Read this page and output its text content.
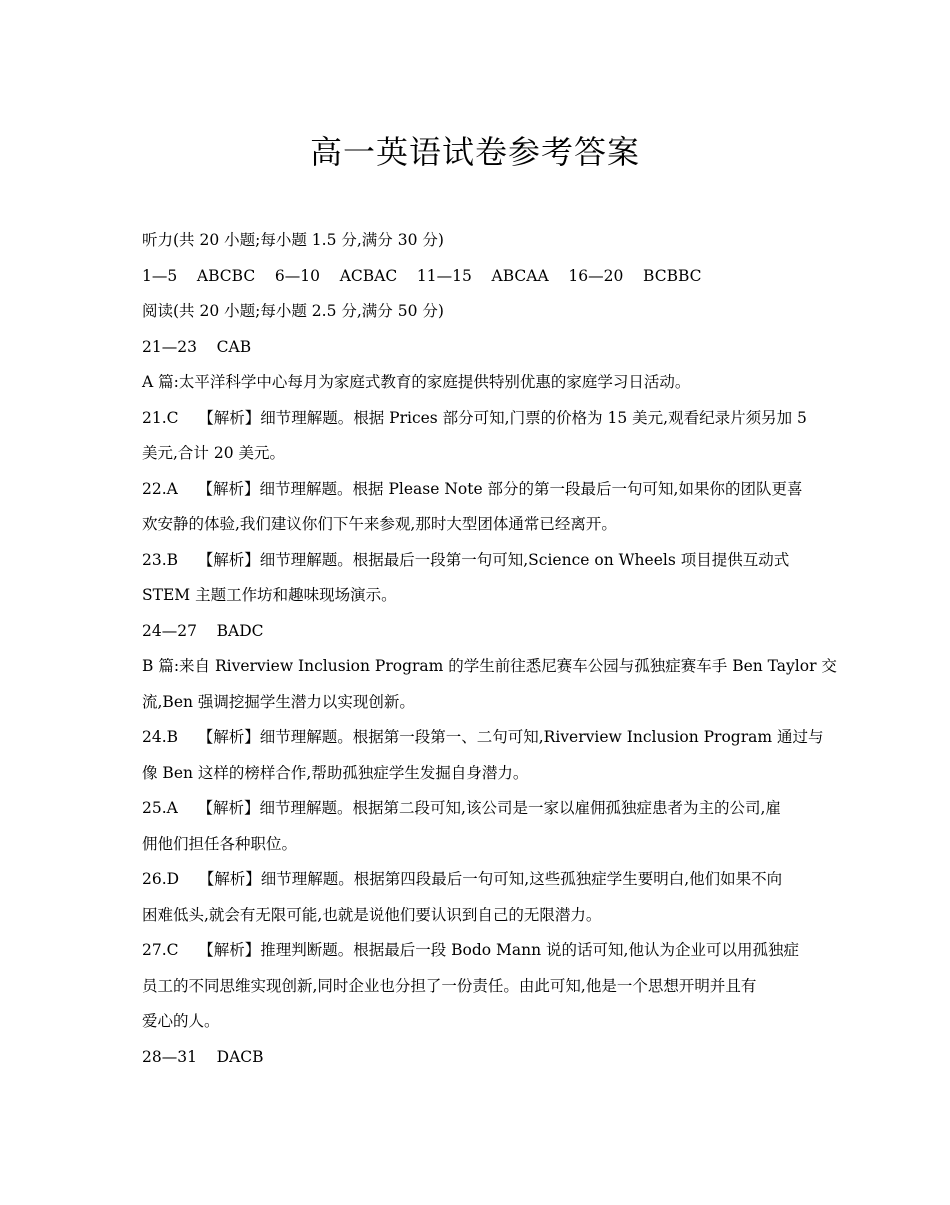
高一英语试卷参考答案
听力(共 20 小题;每小题 1.5 分,满分 30 分)
1—5    ABCBC    6—10    ACBAC    11—15    ABCAA    16—20    BCBBC
阅读(共 20 小题;每小题 2.5 分,满分 50 分)
21—23    CAB
A 篇:太平洋科学中心每月为家庭式教育的家庭提供特别优惠的家庭学习日活动。
21.C    【解析】细节理解题。根据 Prices 部分可知,门票的价格为 15 美元,观看纪录片须另加 5
美元,合计 20 美元。
22.A    【解析】细节理解题。根据 Please Note 部分的第一段最后一句可知,如果你的团队更喜
欢安静的体验,我们建议你们下午来参观,那时大型团体通常已经离开。
23.B    【解析】细节理解题。根据最后一段第一句可知,Science on Wheels 项目提供互动式
STEM 主题工作坊和趣味现场演示。
24—27    BADC
B 篇:来自 Riverview Inclusion Program 的学生前往悉尼赛车公园与孤独症赛车手 Ben Taylor 交
流,Ben 强调挖掘学生潜力以实现创新。
24.B    【解析】细节理解题。根据第一段第一、二句可知,Riverview Inclusion Program 通过与
像 Ben 这样的榜样合作,帮助孤独症学生发掘自身潜力。
25.A    【解析】细节理解题。根据第二段可知,该公司是一家以雇佣孤独症患者为主的公司,雇
佣他们担任各种职位。
26.D    【解析】细节理解题。根据第四段最后一句可知,这些孤独症学生要明白,他们如果不向
困难低头,就会有无限可能,也就是说他们要认识到自己的无限潜力。
27.C    【解析】推理判断题。根据最后一段 Bodo Mann 说的话可知,他认为企业可以用孤独症
员工的不同思维实现创新,同时企业也分担了一份责任。由此可知,他是一个思想开明并且有
爱心的人。
28—31    DACB
